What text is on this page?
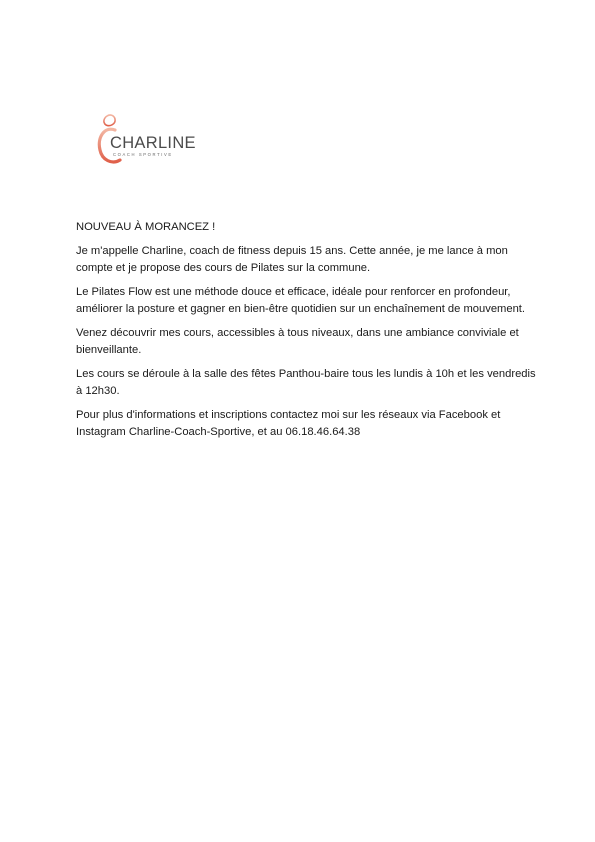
CHARLINE
COACH SPORTIVE
NOUVEAU À MORANCEZ !

Je m'appelle Charline, coach de fitness depuis 15 ans. Cette année, je me lance à mon compte et je propose des cours de Pilates sur la commune.

Le Pilates Flow est une méthode douce et efficace, idéale pour renforcer en profondeur, améliorer la posture et gagner en bien-être quotidien sur un enchaînement de mouvement.

Venez découvrir mes cours, accessibles à tous niveaux, dans une ambiance conviviale et bienveillante.

Les cours se déroule à la salle des fêtes Panthou-baire tous les lundis à 10h et les vendredis à 12h30.

Pour plus d'informations et inscriptions contactez moi sur les réseaux via Facebook et Instagram Charline-Coach-Sportive, et au 06.18.46.64.38
